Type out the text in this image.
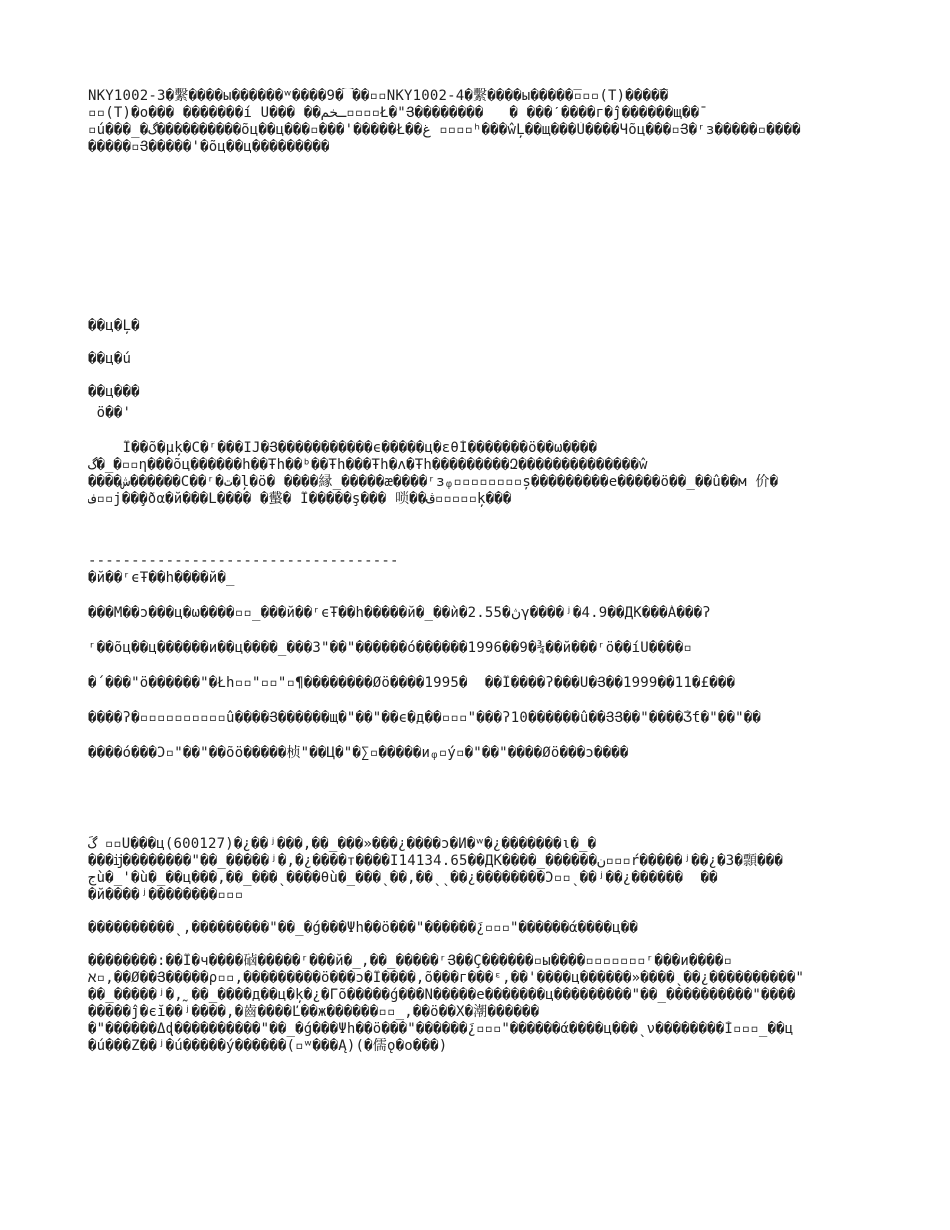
NKY1002-3�繫����ы������ʷ����9�͡��▫▫NKY1002-4�繫����ы�����̅▫▫▫(Т)����̅�
▫▫(Т)�o��� �������í U��� ��ـخم▫▫▫▫Ł�"Յ��������   � ���ˊ����г�ĵ������щ��ˉ
▫ú���_�گ����������õц��ц���▫���'�����Ł��غ ▫▫▫▫ʰ���ŵĻ��щ���Ù����Чõц���▫Յ�ʳɜ�����▫����
�����▫Յ�����'�õц��ц���������
��ц�Ļ�
��ц�ú
��ц���
ö��'
Ï��õ�µķ�C�ʳ���IJ�Յ�����������ϵ�����ц�εθÍ�������ö��ω����
گ�_�▫▫η���õц������h��Ŧh��ᵇ��Ŧh���Ŧh�ʌ�Ŧh���������Զ��������������ŵ
����ش������C��ʳ�ت�ļ�ö� ����縁_�����æ����ʳɜᵩ▫▫▫▫▫▫▫▫ș���������e�����ö��_��û��м 价�
ف▫▫j��̧�ðα�й���L���� �䘁� Ï�����ş��� 唢��ڤ▫▫▫▫▫ķ���
------------------------------------
�й��ʳϵŦ��h����й�_
���M��ɔ���ц�ω����▫▫_���й��ʳϵŦ��h�����й�_��ѝ�2.55�ڽγ����ʲ�4.9��ДК���Á���ʔ
ʳ��õц��ц������и��ц����_���З"��"������ó������1996��9�¾��й���ʳö��íU����▫
�´���"ö������"�Łh▫▫"▫▫"▫¶��������Øö����1995�  ��Ï����ʔ���U�Յ��1999��11�£���
����ʔ�▫▫▫▫▫▫▫▫▫▫û����Յ������щ�"��"��ϵ�д��▫▫▫"���ʔ10������û��ՅՅ��"����Ǯƭ�"��"��
����ó���Ɔ▫"��"��õö�����桢"��Ц�"�∑▫�����иᵩ▫ý▫�"��"����Øö���ɔ����
گً ▫▫U���ц(600127)�¿��ʲ���,��_���»���¿����ɔ�И�ʷ�¿�������ι�_�
���ĳ��������"��_�����ʲ�,�¿����ᴛ����Ī14134.65��ДК����_������ن▫▫▫ŕ�����ʲ��¿�З�顠���
جù�_'�ù�_��ц���,��_���ˎ����θù�_���ˎ��,��ˎˎ��¿��������Ɔ▫▫ˎ��ʲ��¿������  ��
�й����ʲ��������▫▫▫
����������ˎ,���������"��_�ǵ���Ψh��ö���"������¿َ▫▫▫"������ά����ц��
��������:��Ï�ч����硵�����ʳ���й�_,��_�����ʳՅ��Ç������▫ы����▫▫▫▫▫▫▫ʳ���и����▫
א▫,��Ø��Յ�����ρ▫▫,���������ö���ɔ�Ï����,õ���г���ᵋ,��'����ц������»����ˎ��¿����������"
��_�����ʲ�,˷��_����д��ц�ķ�¿�Γõ�����ǵ���N�����e�������ц���������"��_����������"����
�����ĵ�єĭ��ʲ����,�齒����Ľ��ж������▫▫_,��ö��X�潮������
�"������Δɖ����������"��_�ǵ���Ψh��ö���"������¿َ▫▫▫"������ά����ц���ˎν��������Ǐ▫▫▫_��ц
�ú���Z��ʲ�ú�����ý������(▫ʷ���Ą)(�儒ǫ�o���)
